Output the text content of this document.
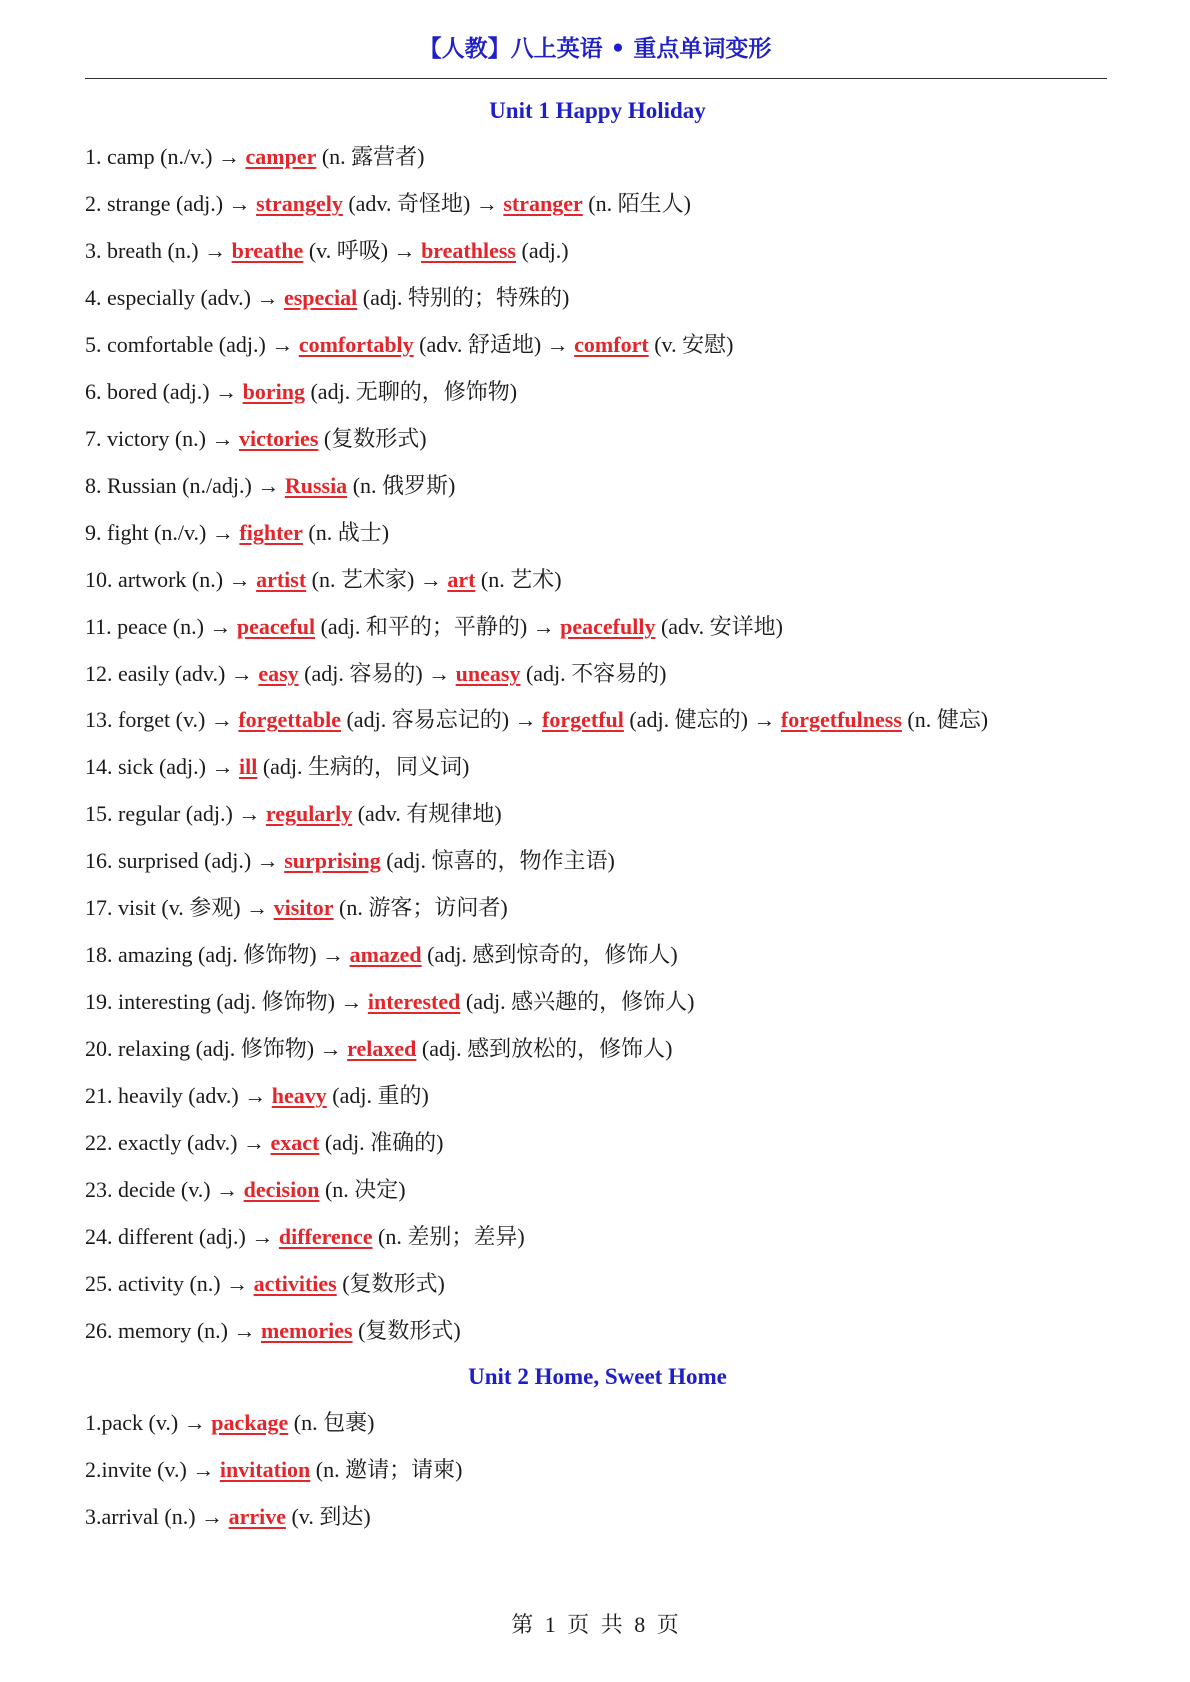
【人教】八上英语 • 重点单词变形
Unit 1 Happy Holiday
1. camp (n./v.) → camper (n. 露营者)
2. strange (adj.) → strangely (adv. 奇怪地) → stranger (n. 陌生人)
3. breath (n.) → breathe (v. 呼吸) → breathless (adj.)
4. especially (adv.) → especial (adj. 特别的；特殊的)
5. comfortable (adj.) → comfortably (adv. 舒适地) → comfort (v. 安慰)
6. bored (adj.) → boring (adj. 无聊的，修饰物)
7. victory (n.) → victories (复数形式)
8. Russian (n./adj.) → Russia (n. 俄罗斯)
9. fight (n./v.) → fighter (n. 战士)
10. artwork (n.) → artist (n. 艺术家) → art (n. 艺术)
11. peace (n.) → peaceful (adj. 和平的；平静的) → peacefully (adv. 安详地)
12. easily (adv.) → easy (adj. 容易的) → uneasy (adj. 不容易的)
13. forget (v.) → forgettable (adj. 容易忘记的) → forgetful (adj. 健忘的) → forgetfulness (n. 健忘)
14. sick (adj.) → ill (adj. 生病的，同义词)
15. regular (adj.) → regularly (adv. 有规律地)
16. surprised (adj.) → surprising (adj. 惊喜的，物作主语)
17. visit (v. 参观) → visitor (n. 游客；访问者)
18. amazing (adj. 修饰物) → amazed (adj. 感到惊奇的，修饰人)
19. interesting (adj. 修饰物) → interested (adj. 感兴趣的，修饰人)
20. relaxing (adj. 修饰物) → relaxed (adj. 感到放松的，修饰人)
21. heavily (adv.) → heavy (adj. 重的)
22. exactly (adv.) → exact (adj. 准确的)
23. decide (v.) → decision (n. 决定)
24. different (adj.) → difference (n. 差别；差异)
25. activity (n.) → activities (复数形式)
26. memory (n.) → memories (复数形式)
Unit 2 Home, Sweet Home
1.pack (v.) → package (n. 包裹)
2.invite (v.) → invitation (n. 邀请；请柬)
3.arrival (n.) → arrive (v. 到达)
第 1 页 共 8 页
